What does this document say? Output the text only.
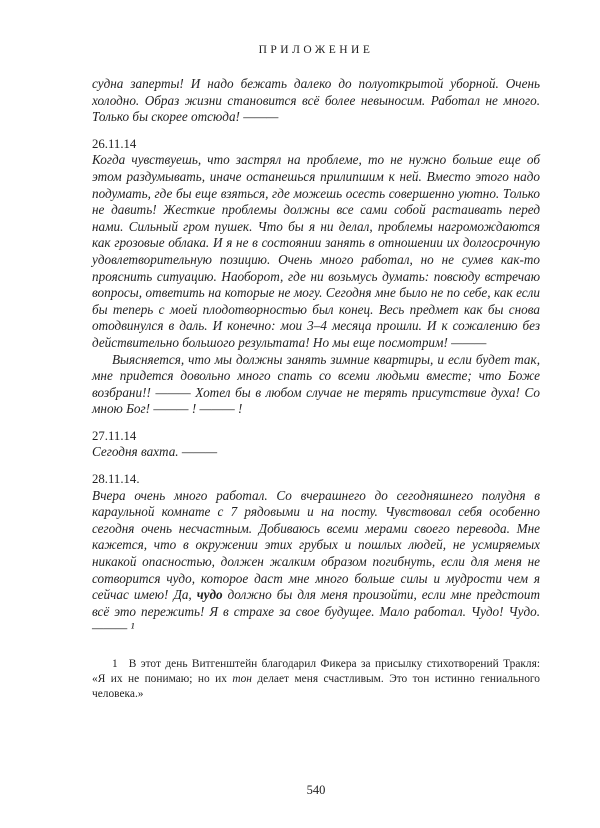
ПРИЛОЖЕНИЕ

судна заперты! И надо бежать далеко до полуоткрытой уборной. Очень холодно. Образ жизни становится всё более невыносим. Работал не много. Только бы скорее отсюда! ———

26.11.14

Когда чувствуешь, что застрял на проблеме, то не нужно больше еще об этом раздумывать, иначе останешься прилипшим к ней. Вместо этого надо подумать, где бы еще взяться, где можешь осесть совершенно уютно. Только не давить! Жесткие проблемы должны все сами собой растаивать перед нами. Сильный гром пушек. Что бы я ни делал, проблемы нагромождаются как грозовые облака. И я не в состоянии занять в отношении их долгосрочную удовлетворительную позицию. Очень много работал, но не сумев как-то прояснить ситуацию. Наоборот, где ни возьмусь думать: повсюду встречаю вопросы, ответить на которые не могу. Сегодня мне было не по себе, как если бы теперь с моей плодотворностью был конец. Весь предмет как бы снова отодвинулся в даль. И конечно: мои 3–4 месяца прошли. И к сожалению без действительно большого результата! Но мы еще посмотрим! ———

Выясняется, что мы должны занять зимние квартиры, и если будет так, мне придется довольно много спать со всеми людьми вместе; что Боже возбрани!! ——— Хотел бы в любом случае не терять присутствие духа! Со мною Бог! ——— ! ——— !

27.11.14

Сегодня вахта. ———

28.11.14.

Вчера очень много работал. Со вчерашнего до сегодняшнего полудня в караульной комнате с 7 рядовыми и на посту. Чувствовал себя особенно сегодня очень несчастным. Добиваюсь всеми мерами своего перевода. Мне кажется, что в окружении этих грубых и пошлых людей, не усмиряемых никакой опасностью, должен жалким образом погибнуть, если для меня не сотворится чудо, которое даст мне много больше силы и мудрости чем я сейчас имею! Да, чудо должно бы для меня произойти, если мне предстоит всё это пережить! Я в страхе за свое будущее. Мало работал. Чудо! Чудо. ——— ¹

1 В этот день Витгенштейн благодарил Фикера за присылку стихотворений Тракля: «Я их не понимаю; но их тон делает меня счастливым. Это тон истинно гениального человека.»

540
